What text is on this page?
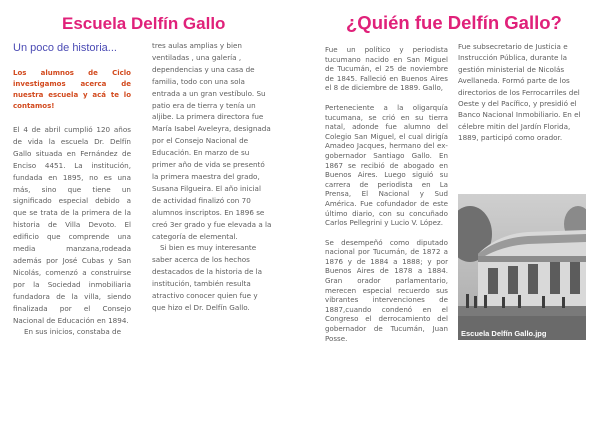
Escuela Delfín Gallo
Un poco de historia...

Los alumnos de Ciclo investigamos acerca de nuestra escuela y acá te lo contamos!

El 4 de abril cumplió 120 años de vida la escuela Dr. Delfín Gallo situada en Fernández de Enciso 4451. La institución, fundada en 1895, no es una más, sino que tiene un significado especial debido a que se trata de la primera de la historia de Villa Devoto. El edificio que comprende una media manzana,rodeada además por José Cubas y San Nicolás, comenzó a construirse por la Sociedad inmobiliaria fundadora de la villa, siendo finalizada por el Consejo Nacional de Educación en 1894.

En sus inicios, constaba de

tres aulas amplias y bien ventiladas , una galería , dependencias y una casa de familia, todo con una sola entrada a un gran vestíbulo. Su patio era de tierra y tenía un aljibe. La primera directora fue María Isabel Aveleyra, designada por el Consejo Nacional de Educación. En marzo de su primer año de vida se presentó la primera maestra del grado, Susana Filgueira. El año inicial de actividad finalizó con 70 alumnos inscriptos. En 1896 se creó 3er grado y fue elevada a la categoría de elemental.

Si bien es muy interesante saber acerca de los hechos destacados de la historia de la institución, también resulta atractivo conocer quien fue y que hizo el Dr. Delfín Gallo.

¿Quién fue Delfín Gallo?

Fue un político y periodista tucumano nacido en San Miguel de Tucumán, el 25 de noviembre de 1845. Falleció en Buenos Aires el 8 de diciembre de 1889. Gallo,

Perteneciente a la oligarquía tucumana, se crió en su tierra natal, adonde fue alumno del Colegio San Miguel, el cual dirigía Amadeo Jacques, hermano del ex-gobernador Santiago Gallo. En 1867 se recibió de abogado en Buenos Aires. Luego siguió su carrera de periodista en La Prensa, El Nacional y Sud América. Fue cofundador de este último diario, con su concuñado Carlos Pellegrini y Lucio V. López.

Se desempeñó como diputado nacional por Tucumán, de 1872 a 1876 y de 1884 a 1888; y por Buenos Aires de 1878 a 1884. Gran orador parlamentario, merecen especial recuerdo sus vibrantes intervenciones de 1887,cuando condenó en el Congreso el derrocamiento del gobernador de Tucumán, Juan Posse.

Fue subsecretario de Justicia e Instrucción Pública, durante la gestión ministerial de Nicolás Avellaneda. Formó parte de los directorios de los Ferrocarriles del Oeste y del Pacífico, y presidió el Banco Nacional Inmobiliario. En el célebre mitin del Jardín Florida, 1889, participó como orador.

Escuela Delfín Gallo.jpg
